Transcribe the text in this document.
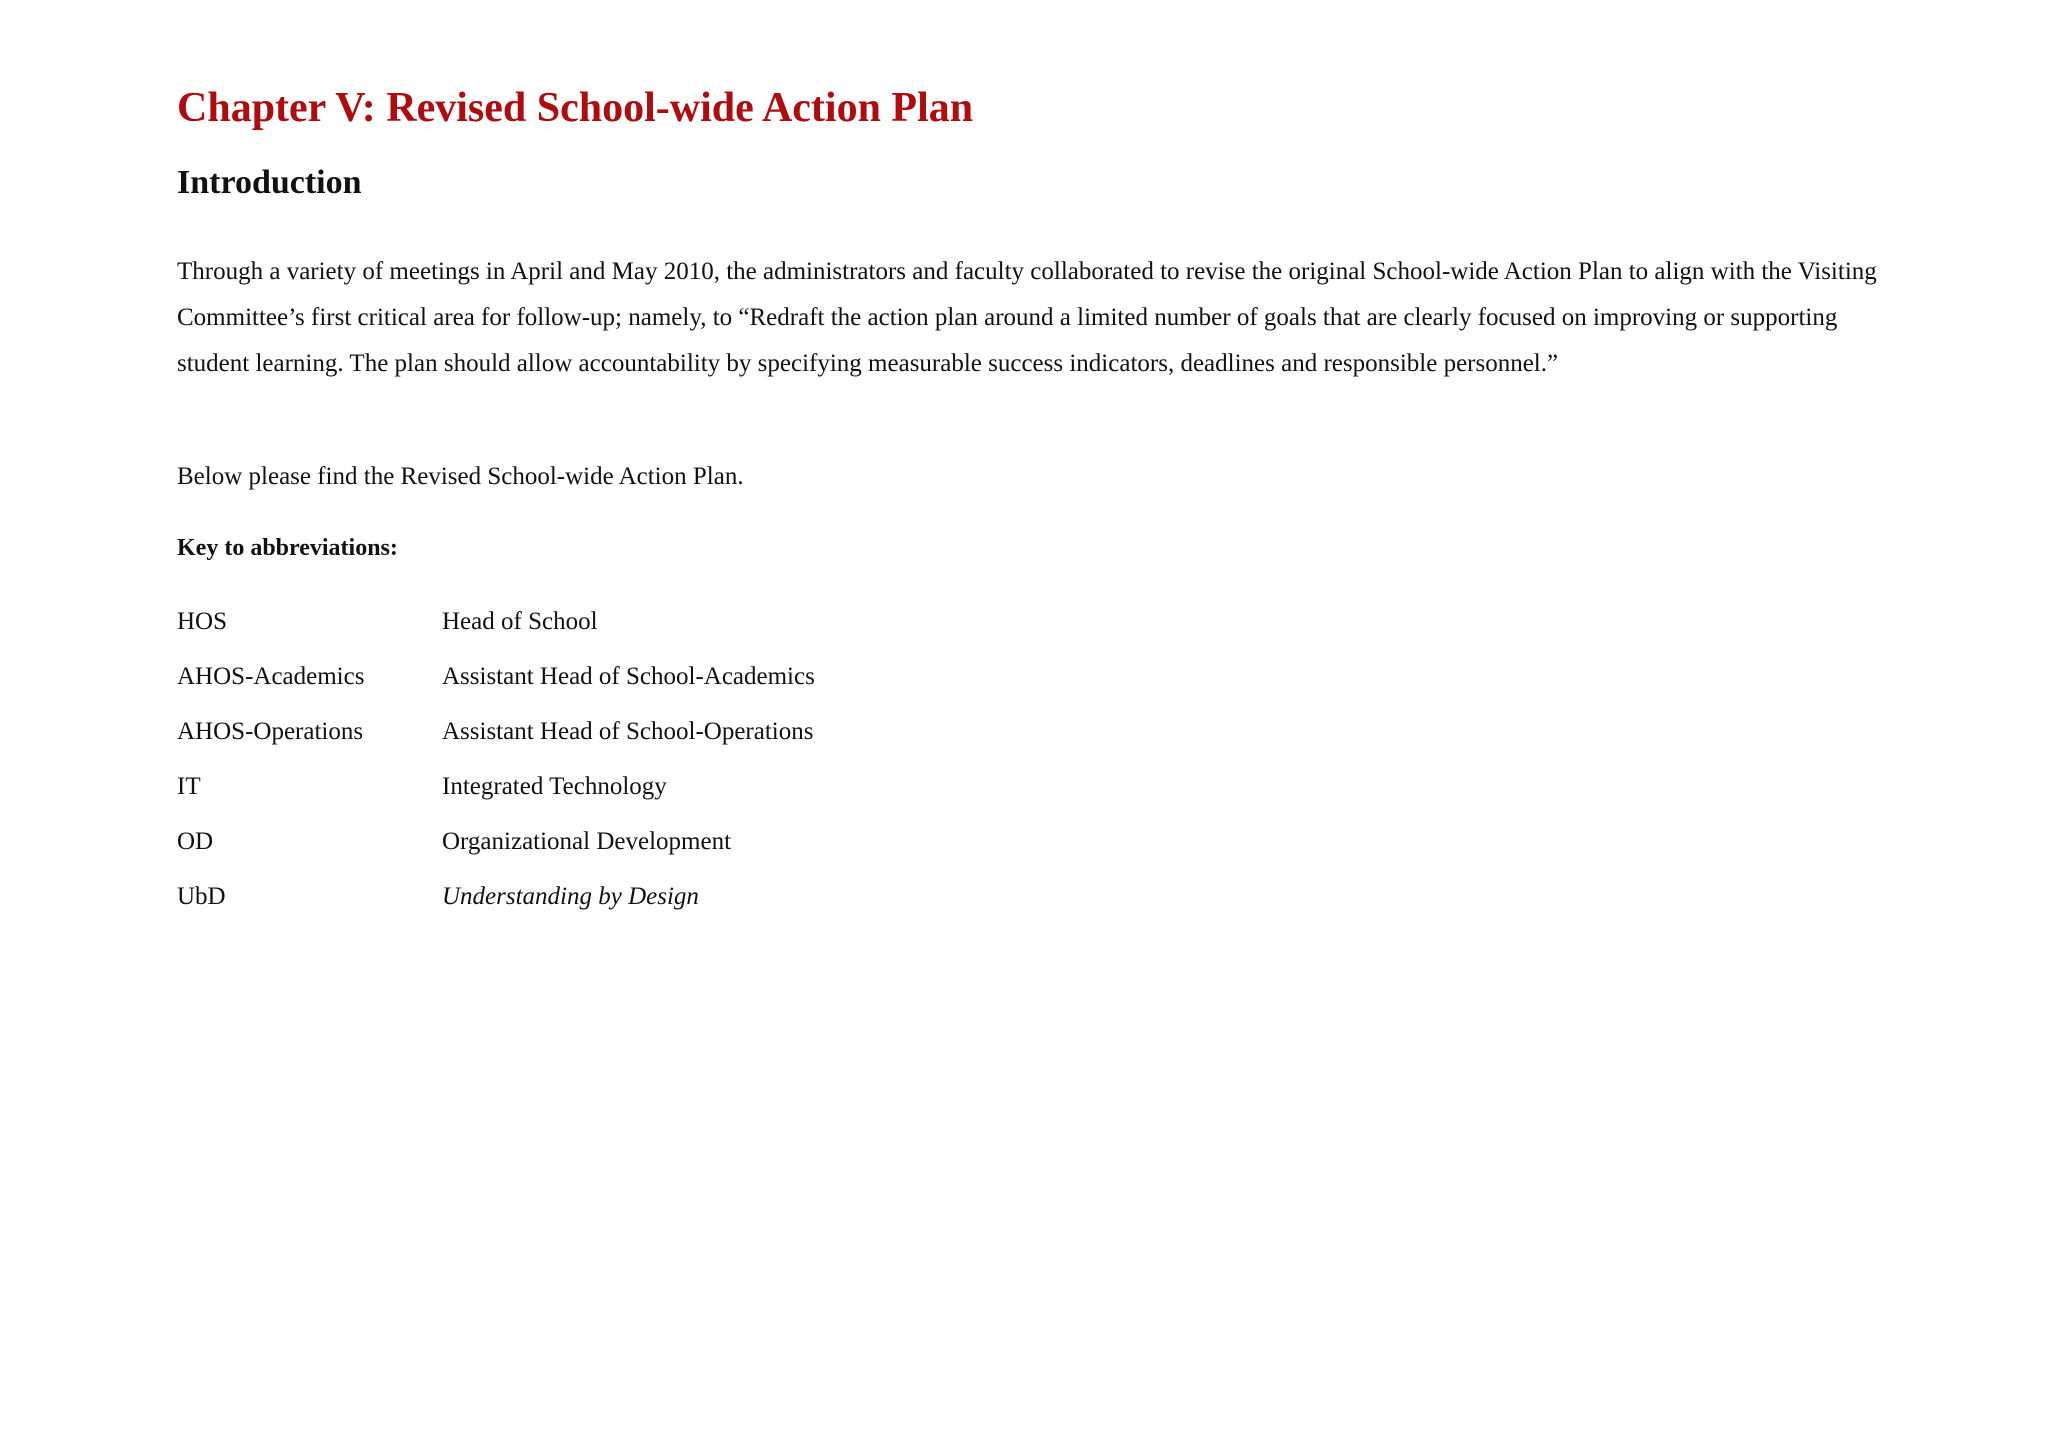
Chapter V: Revised School-wide Action Plan
Introduction

Through a variety of meetings in April and May 2010, the administrators and faculty collaborated to revise the original School-wide Action Plan to align with the Visiting Committee’s first critical area for follow-up; namely, to “Redraft the action plan around a limited number of goals that are clearly focused on improving or supporting student learning. The plan should allow accountability by specifying measurable success indicators, deadlines and responsible personnel.”

Below please find the Revised School-wide Action Plan.

Key to abbreviations:

HOS	Head of School
AHOS-Academics	Assistant Head of School-Academics
AHOS-Operations	Assistant Head of School-Operations
IT	Integrated Technology
OD	Organizational Development
UbD	Understanding by Design
